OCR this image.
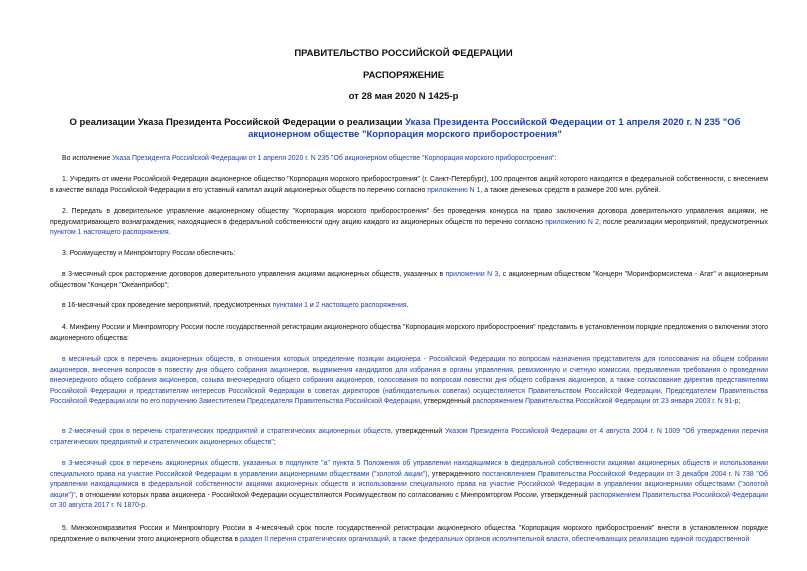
ПРАВИТЕЛЬСТВО РОССИЙСКОЙ ФЕДЕРАЦИИ
РАСПОРЯЖЕНИЕ
от 28 мая 2020 N 1425-р
О реализации Указа Президента Российской Федерации о реализации Указа Президента Российской Федерации от 1 апреля 2020 г. N 235 "Об акционерном обществе "Корпорация морского приборостроения"
Во исполнение Указа Президента Российской Федерации от 1 апреля 2020 г. N 235 "Об акционерном обществе "Корпорация морского приборостроения":
1. Учредить от имени Российской Федерации акционерное общество "Корпорация морского приборостроения" (г. Санкт-Петербург), 100 процентов акций которого находится в федеральной собственности, с внесением в качестве вклада Российской Федерации в его уставный капитал акций акционерных обществ по перечню согласно приложению N 1, а также денежных средств в размере 200 млн. рублей.
2. Передать в доверительное управление акционерному обществу "Корпорация морского приборостроения" без проведения конкурса на право заключения договора доверительного управления акциями, не предусматривающего вознаграждения, находящиеся в федеральной собственности одну акцию каждого из акционерных обществ по перечню согласно приложению N 2, после реализации мероприятий, предусмотренных пунктом 1 настоящего распоряжения.
3. Росимуществу и Минпромторгу России обеспечить:
в 3-месячный срок расторжение договоров доверительного управления акциями акционерных обществ, указанных в приложении N 3, с акционерным обществом "Концерн "Моринформсистема - Агат" и акционерным обществом "Концерн "Океанприбор";
в 16-месячный срок проведение мероприятий, предусмотренных пунктами 1 и 2 настоящего распоряжения.
4. Минфину России и Минпромторгу России после государственной регистрации акционерного общества "Корпорация морского приборостроения" представить в установленном порядке предложения о включении этого акционерного общества:
в месячный срок в перечень акционерных обществ, в отношении которых определение позиции акционера - Российской Федерации по вопросам назначения представителя для голосования на общем собрании акционеров, внесения вопросов в повестку дня общего собрания акционеров, выдвижения кандидатов для избрания в органы управления, ревизионную и счетную комиссии, предъявления требования о проведении внеочередного общего собрания акционеров, созыва внеочередного общего собрания акционеров, голосования по вопросам повестки дня общего собрания акционеров, а также согласование директив представителям Российской Федерации и представителям интересов Российской Федерации в советах директоров (наблюдательных советах) осуществляется Правительством Российской Федерации, Председателем Правительства Российской Федерации или по его поручению Заместителем Председателя Правительства Российской Федерации, утвержденный распоряжением Правительства Российской Федерации от 23 января 2003 г. N 91-р;
в 2-месячный срок в перечень стратегических предприятий и стратегических акционерных обществ, утвержденный Указом Президента Российской Федерации от 4 августа 2004 г. N 1009 "Об утверждении перечня стратегических предприятий и стратегических акционерных обществ";
в 3-месячный срок в перечень акционерных обществ, указанных в подпункте "а" пункта 5 Положения об управлении находящимися в федеральной собственности акциями акционерных обществ и использовании специального права на участие Российской Федерации в управлении акционерными обществами ("золотой акции"), утвержденного постановлением Правительства Российской Федерации от 3 декабря 2004 г. N 738 "Об управлении находящимися в федеральной собственности акциями акционерных обществ и использовании специального права на участие Российской Федерации в управлении акционерными обществами ("золотой акции")", в отношении которых права акционера - Российской Федерации осуществляются Росимуществом по согласованию с Минпромторгом России, утвержденный распоряжением Правительства Российской Федерации от 30 августа 2017 г. N 1870-р.
5. Минэкономразвития России и Минпромторгу России в 4-месячный срок после государственной регистрации акционерного общества "Корпорация морского приборостроения" внести в установленном порядке предложение о включении этого акционерного общества в раздел II перечня стратегических организаций, а также федеральных органов исполнительной власти, обеспечивающих реализацию единой государственной
